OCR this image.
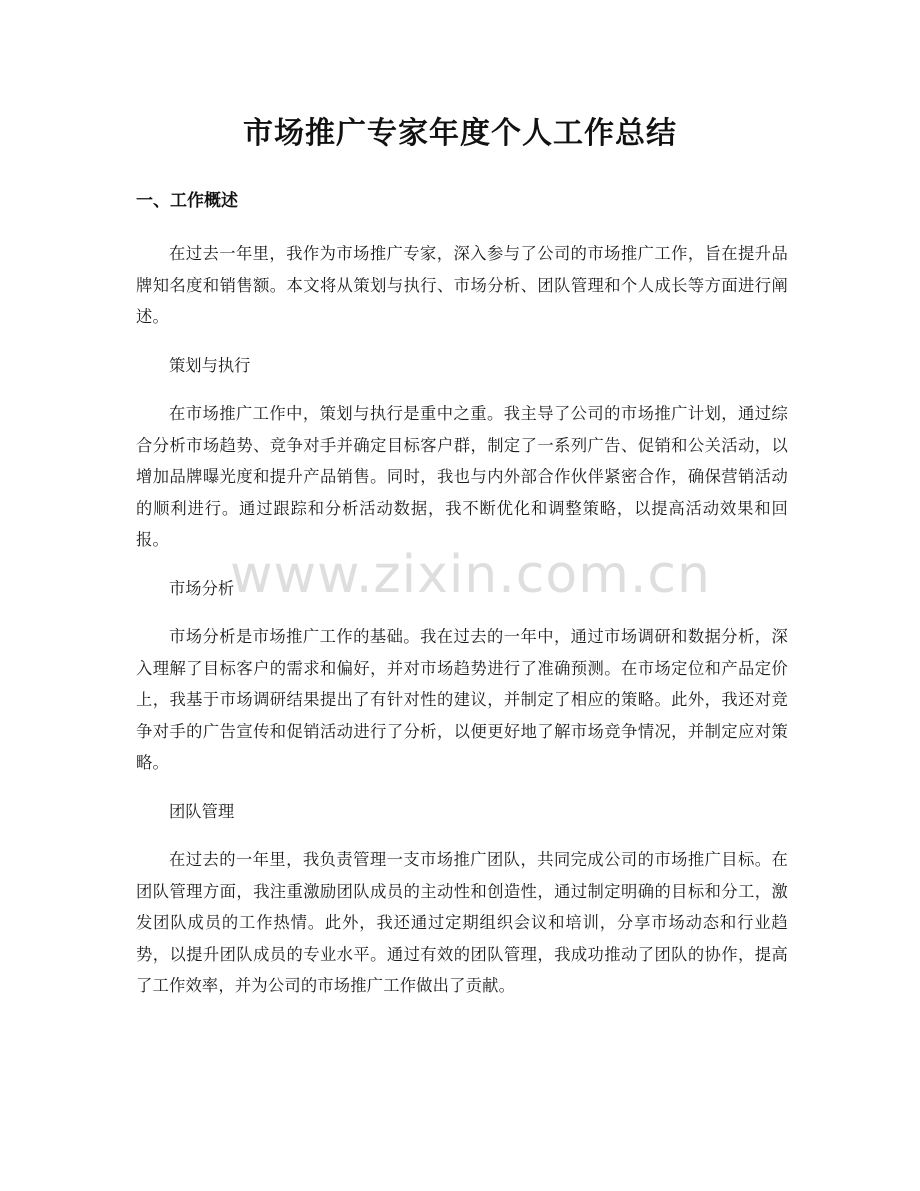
市场推广专家年度个人工作总结
一、工作概述

在过去一年里，我作为市场推广专家，深入参与了公司的市场推广工作，旨在提升品牌知名度和销售额。本文将从策划与执行、市场分析、团队管理和个人成长等方面进行阐述。

策划与执行

在市场推广工作中，策划与执行是重中之重。我主导了公司的市场推广计划，通过综合分析市场趋势、竞争对手并确定目标客户群，制定了一系列广告、促销和公关活动，以增加品牌曝光度和提升产品销售。同时，我也与内外部合作伙伴紧密合作，确保营销活动的顺利进行。通过跟踪和分析活动数据，我不断优化和调整策略，以提高活动效果和回报。

市场分析

市场分析是市场推广工作的基础。我在过去的一年中，通过市场调研和数据分析，深入理解了目标客户的需求和偏好，并对市场趋势进行了准确预测。在市场定位和产品定价上，我基于市场调研结果提出了有针对性的建议，并制定了相应的策略。此外，我还对竞争对手的广告宣传和促销活动进行了分析，以便更好地了解市场竞争情况，并制定应对策略。

团队管理

在过去的一年里，我负责管理一支市场推广团队，共同完成公司的市场推广目标。在团队管理方面，我注重激励团队成员的主动性和创造性，通过制定明确的目标和分工，激发团队成员的工作热情。此外，我还通过定期组织会议和培训，分享市场动态和行业趋势，以提升团队成员的专业水平。通过有效的团队管理，我成功推动了团队的协作，提高了工作效率，并为公司的市场推广工作做出了贡献。

www.zixin.com.cn
